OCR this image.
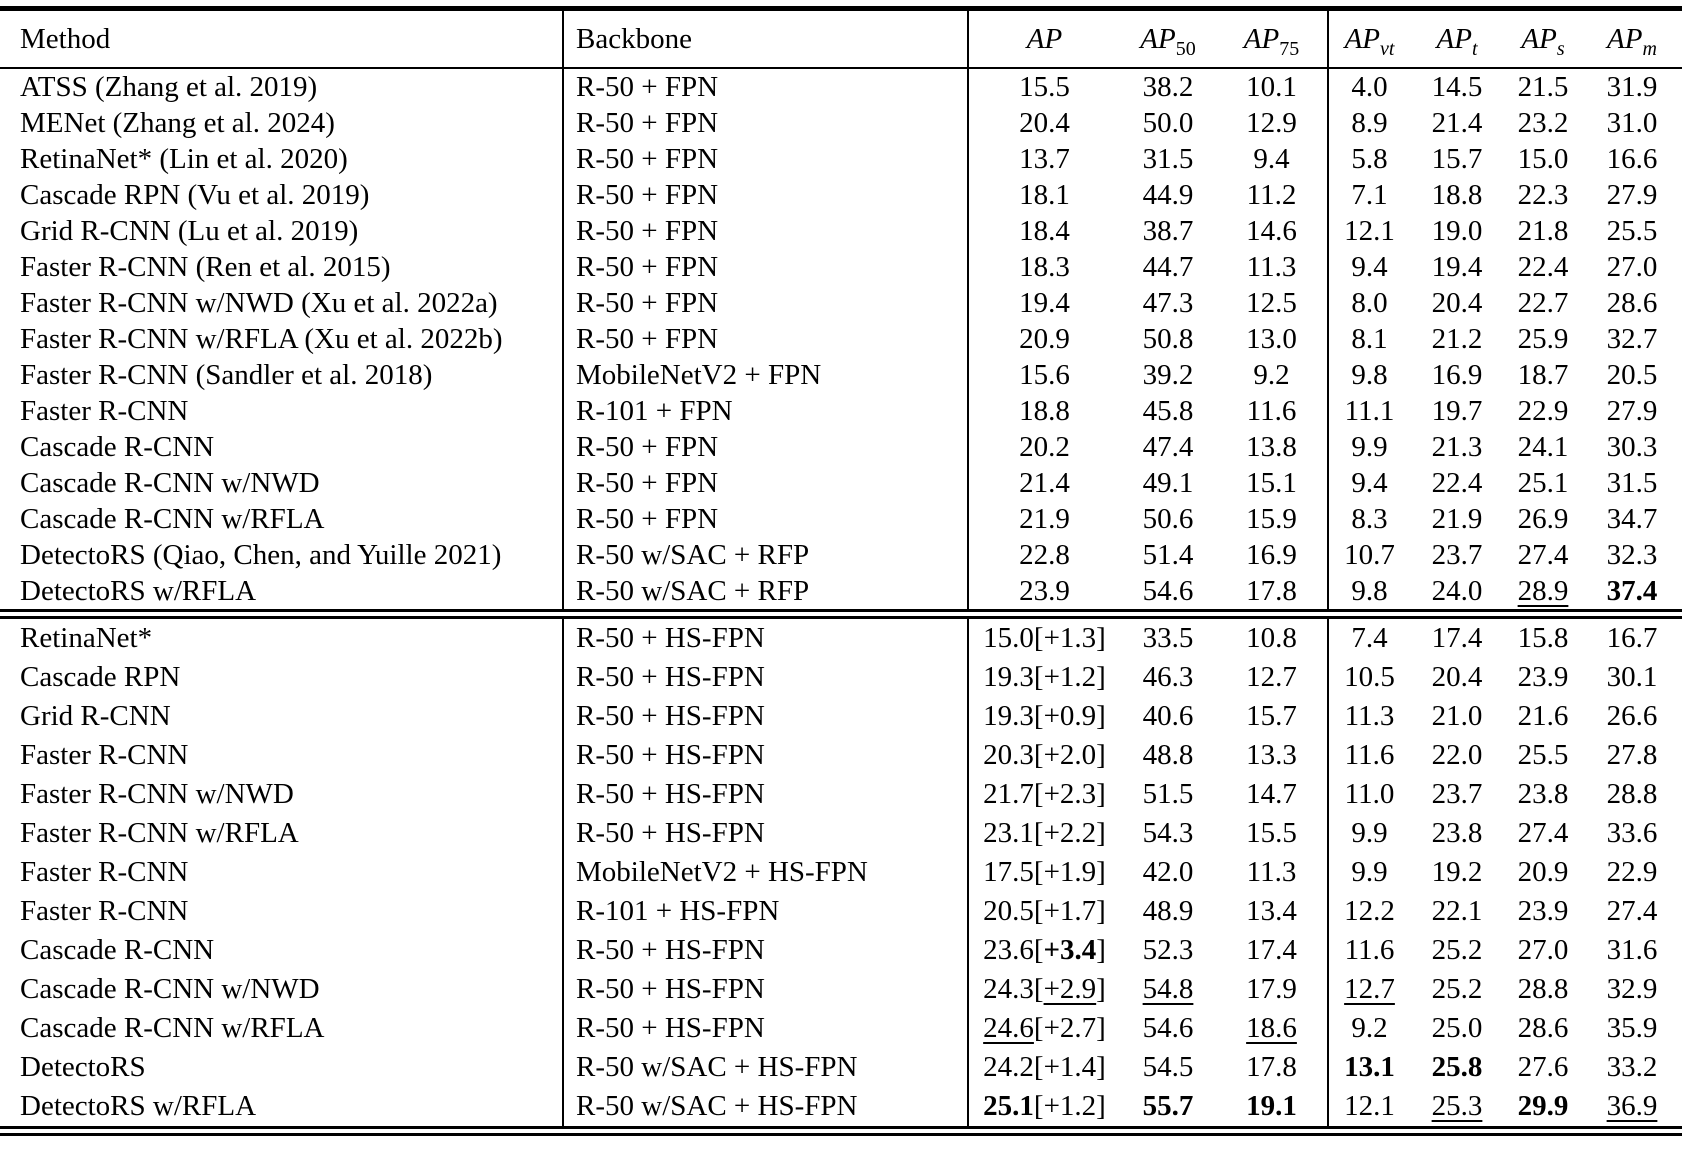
Method	Backbone	AP	$AP_{50}$	$AP_{75}$	$AP_{vt}$	$AP_t$	$AP_s$	$AP_m$
ATSS (Zhang et al. 2019)	R-50 + FPN	15.5	38.2	10.1	4.0	14.5	21.5	31.9
MENet (Zhang et al. 2024)	R-50 + FPN	20.4	50.0	12.9	8.9	21.4	23.2	31.0
RetinaNet* (Lin et al. 2020)	R-50 + FPN	13.7	31.5	9.4	5.8	15.7	15.0	16.6
Cascade RPN (Vu et al. 2019)	R-50 + FPN	18.1	44.9	11.2	7.1	18.8	22.3	27.9
Grid R-CNN (Lu et al. 2019)	R-50 + FPN	18.4	38.7	14.6	12.1	19.0	21.8	25.5
Faster R-CNN (Ren et al. 2015)	R-50 + FPN	18.3	44.7	11.3	9.4	19.4	22.4	27.0
Faster R-CNN w/NWD (Xu et al. 2022a)	R-50 + FPN	19.4	47.3	12.5	8.0	20.4	22.7	28.6
Faster R-CNN w/RFLA (Xu et al. 2022b)	R-50 + FPN	20.9	50.8	13.0	8.1	21.2	25.9	32.7
Faster R-CNN (Sandler et al. 2018)	MobileNetV2 + FPN	15.6	39.2	9.2	9.8	16.9	18.7	20.5
Faster R-CNN	R-101 + FPN	18.8	45.8	11.6	11.1	19.7	22.9	27.9
Cascade R-CNN	R-50 + FPN	20.2	47.4	13.8	9.9	21.3	24.1	30.3
Cascade R-CNN w/NWD	R-50 + FPN	21.4	49.1	15.1	9.4	22.4	25.1	31.5
Cascade R-CNN w/RFLA	R-50 + FPN	21.9	50.6	15.9	8.3	21.9	26.9	34.7
DetectoRS (Qiao, Chen, and Yuille 2021)	R-50 w/SAC + RFP	22.8	51.4	16.9	10.7	23.7	27.4	32.3
DetectoRS w/RFLA	R-50 w/SAC + RFP	23.9	54.6	17.8	9.8	24.0	28.9	37.4
RetinaNet*	R-50 + HS-FPN	15.0[+1.3]	33.5	10.8	7.4	17.4	15.8	16.7
Cascade RPN	R-50 + HS-FPN	19.3[+1.2]	46.3	12.7	10.5	20.4	23.9	30.1
Grid R-CNN	R-50 + HS-FPN	19.3[+0.9]	40.6	15.7	11.3	21.0	21.6	26.6
Faster R-CNN	R-50 + HS-FPN	20.3[+2.0]	48.8	13.3	11.6	22.0	25.5	27.8
Faster R-CNN w/NWD	R-50 + HS-FPN	21.7[+2.3]	51.5	14.7	11.0	23.7	23.8	28.8
Faster R-CNN w/RFLA	R-50 + HS-FPN	23.1[+2.2]	54.3	15.5	9.9	23.8	27.4	33.6
Faster R-CNN	MobileNetV2 + HS-FPN	17.5[+1.9]	42.0	11.3	9.9	19.2	20.9	22.9
Faster R-CNN	R-101 + HS-FPN	20.5[+1.7]	48.9	13.4	12.2	22.1	23.9	27.4
Cascade R-CNN	R-50 + HS-FPN	23.6[+3.4]	52.3	17.4	11.6	25.2	27.0	31.6
Cascade R-CNN w/NWD	R-50 + HS-FPN	24.3[+2.9]	54.8	17.9	12.7	25.2	28.8	32.9
Cascade R-CNN w/RFLA	R-50 + HS-FPN	24.6[+2.7]	54.6	18.6	9.2	25.0	28.6	35.9
DetectoRS	R-50 w/SAC + HS-FPN	24.2[+1.4]	54.5	17.8	13.1	25.8	27.6	33.2
DetectoRS w/RFLA	R-50 w/SAC + HS-FPN	25.1[+1.2]	55.7	19.1	12.1	25.3	29.9	36.9
